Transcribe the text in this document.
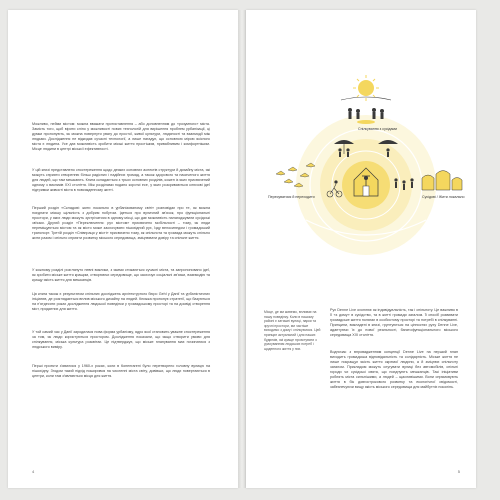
Можливо, нейми містом: можна вважати протиставлення – або доповненням до «розумного» міста. Замість того, щоб вірити сліпо у можливості нових технологій для вирішення проблем урбанізації, ці думки пропонують, як можна повернути увагу до простої, живої культури, людяності та взаємодії між людьми. Дослідження не відкидає сучасні технології, а лише нагадує, що основною мірою якісного міста є людина. Усе дає можливість зробити міські життя простішим, привабливим і комфортнішим. Місце людини в центрі міської ефективності.

У цій книзі представлено спостереження щодо деяких основних аспектів структури й дизайну міста, які можуть сприяти створенню більш радісних і надійних громад, а також здорового та насиченого життя для людей, що там мешкають. Книга складається з трьох основних розділів, кожен із яких присвячений одному з викликів XXI століття. Між розділами подано короткі есе, у яких розкриваються ключові ідеї підтримки живості міста в повсякденному житті.

Перший розділ «Складові: жити локально в урбанізованому світі» розповідає про те, як можна поєднати міську щільність з добрим побутом. Ідеться про вуличний зв'язок, про функціональні простори, у яких люди можуть зустрічатися в одному місці, що дає можливість налагоджувати сусідські зв'язки. Другий розділ «Переключення: рух містом» присвячено мобільності – тому, як люди переміщуються містом та як місто може заохочувати пішохідний рух, їзду велосипедом і громадський транспорт. Третій розділ «Співпраця у місті» присвячено тому, як спільнота та громада можуть спільно жити разом і спільно сприяти розвитку міського середовища, зміцнювати довіру та спільне життя.

У кожному розділі розглянуто певні виклики, з якими стикаються сучасні міста, та запропоновано ідеї, як зробити міське життя кращим, створюючи середовище, що заохочує соціальні зв'язки, взаємодію та кращу якість життя для мешканців.

Ця книга також є результатом спільних досліджень архітектурного бюро Gehl у Данії та урбаністичних ініціатив, де розглядається вплив міського дизайну на людей. Книжка пропонує стратегії, що базуються на п'ятдесяти роках дослідження людської поведінки у громадському просторі та на досвіді створення міст, придатних для життя.

У той самий час у Данії зародилася нова форма урбанізму, ядро якої становить уважне спостереження за тим, як люди користуються простором. Дослідження показали, що якщо створити умови для спілкування, міська культура розквітає. Це підтверджує, що міське планування має починатися з людського виміру.

Перші проекти з'явилися у 1960-х роках, коли в Копенгагені було перетворено головну вулицю на пішохідну. Згодом такий підхід поширився на численні міста світу, довівши, що люди повертаються в центри, коли там з'являються місця для життя.

4
Спілкування з сусідами
Пересуватися й переходити	Сусідові / Жити локально

Місце, де ми живемо, впливає на нашу поведінку. Коли в нашому районі є затишні вулиці, парки та зручні простори, ми частіше виходимо з дому і спілкуємося. Цей принцип актуальний і для наших будинків, які краще проєктувати з урахуванням людських потреб і щоденного життя у них.

Рух Denne Live охоплює як індивідуальність, так і спільноту. Це важливо в її «з дому» в сусідство, та в житті громади загалом. Її спосіб розвивати громадське життя полягає в особистому просторі та потребі в спілкуванні. Принципи, викладені в книзі, грунтуються на цінностях руху Denne Live, адаптуючи їх до нової реальності, багатофункціонального міського середовища XXI століття.

Водночас з впровадженням концепції Denne Live на перший план виходить громадська відповідальність та солідарність. Міське життя не лише покращує якість життя окремої людини, а й зміцнює спільноту загалом. Прикладом можуть слугувати вулиці без автомобілів, спільні городи чи сусідські свята, що поєднують мешканців. Такі ініціативи роблять міста сильнішими, а людей – щасливішими. Вони спрямовують життя в бік довгострокового розвитку та екологічної свідомості, забезпечуючи вищу якість міського середовища для майбутніх поколінь.

5
